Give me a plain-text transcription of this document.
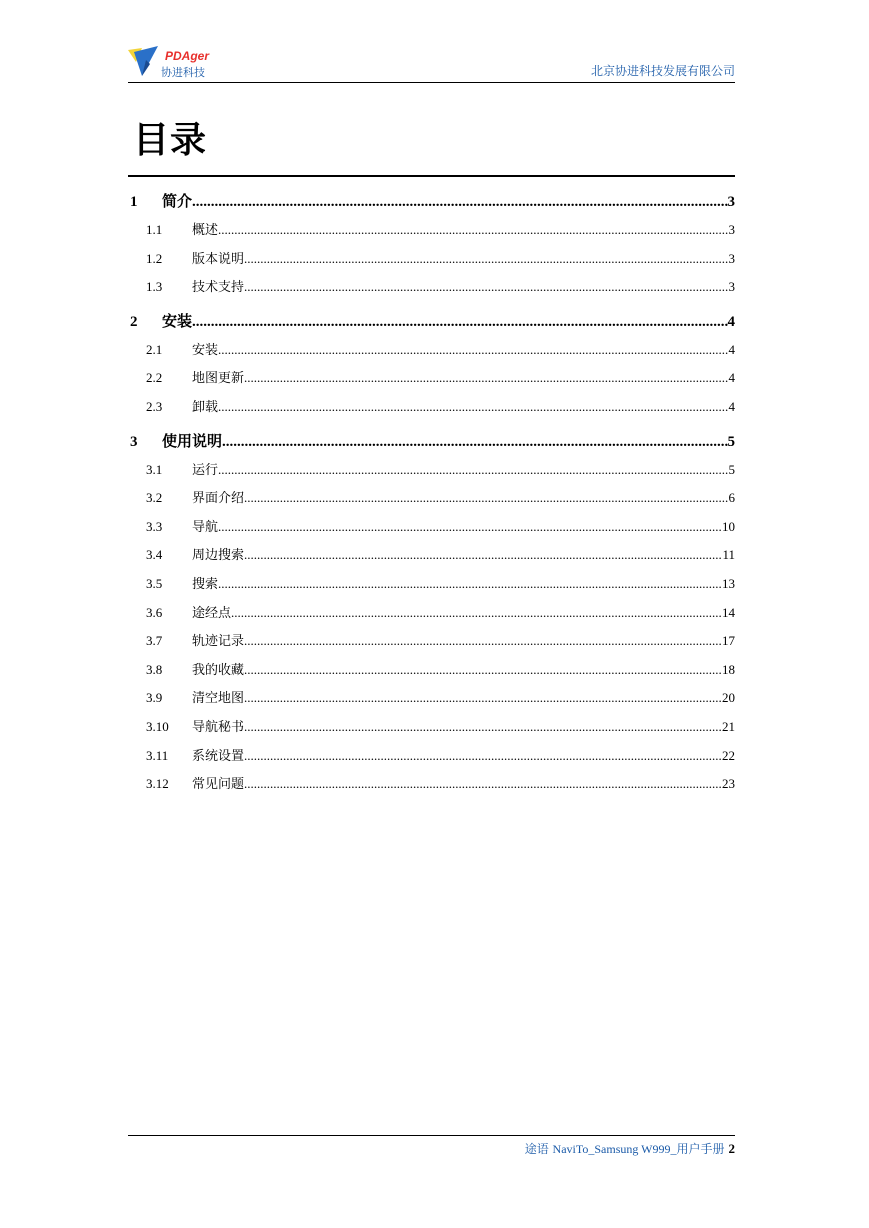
PDAger
协进科技	北京协进科技发展有限公司
目录
1	简介 .....	3
1.1	概述 .....	3
1.2	版本说明 .....	3
1.3	技术支持 .....	3
2	安装 .....	4
2.1	安装 .....	4
2.2	地图更新 .....	4
2.3	卸载 .....	4
3	使用说明 .....	5
3.1	运行 .....	5
3.2	界面介绍 .....	6
3.3	导航 .....	10
3.4	周边搜索 .....	11
3.5	搜索 .....	13
3.6	途经点 .....	14
3.7	轨迹记录 .....	17
3.8	我的收藏 .....	18
3.9	清空地图 .....	20
3.10	导航秘书 .....	21
3.11	系统设置 .....	22
3.12	常见问题 .....	23
途语 NaviTo_Samsung W999_用户手册 2
